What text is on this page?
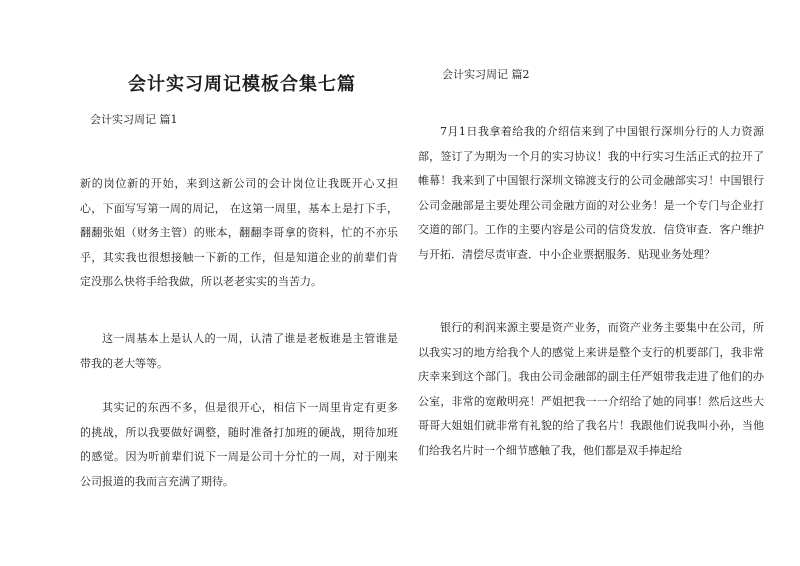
会计实习周记模板合集七篇
会计实习周记 篇1

新的岗位新的开始，来到这新公司的会计岗位让我既开心又担心，下面写写第一周的周记， 在这第一周里，基本上是打下手，翻翻张姐（财务主管）的账本，翻翻李哥拿的资料，忙的不亦乐乎，其实我也很想接触一下新的工作，但是知道企业的前辈们肯定没那么快将手给我做，所以老老实实的当苦力。

这一周基本上是认人的一周，认清了谁是老板谁是主管谁是带我的老大等等。

其实记的东西不多，但是很开心，相信下一周里肯定有更多的挑战，所以我要做好调整，随时准备打加班的硬战，期待加班的感觉。因为听前辈们说下一周是公司十分忙的一周，对于刚来公司报道的我而言充满了期待。

会计实习周记 篇2

7月1日我拿着给我的介绍信来到了中国银行深圳分行的人力资源部，签订了为期为一个月的实习协议！我的中行实习生活正式的拉开了帷幕！我来到了中国银行深圳文锦渡支行的公司金融部实习！中国银行公司金融部是主要处理公司金融方面的对公业务！是一个专门与企业打交道的部门。工作的主要内容是公司的信贷发放．信贷审查．客户维护与开拓．清偿尽责审查．中小企业票据服务．贴现业务处理？

银行的利润来源主要是资产业务，而资产业务主要集中在公司，所以我实习的地方给我个人的感觉上来讲是整个支行的机要部门，我非常庆幸来到这个部门。我由公司金融部的副主任严姐带我走进了他们的办公室，非常的宽敞明亮！严姐把我一一介绍给了她的同事！然后这些大哥哥大姐姐们就非常有礼貌的给了我名片！我跟他们说我叫小孙，当他们给我名片时一个细节感触了我，他们都是双手捧起给
